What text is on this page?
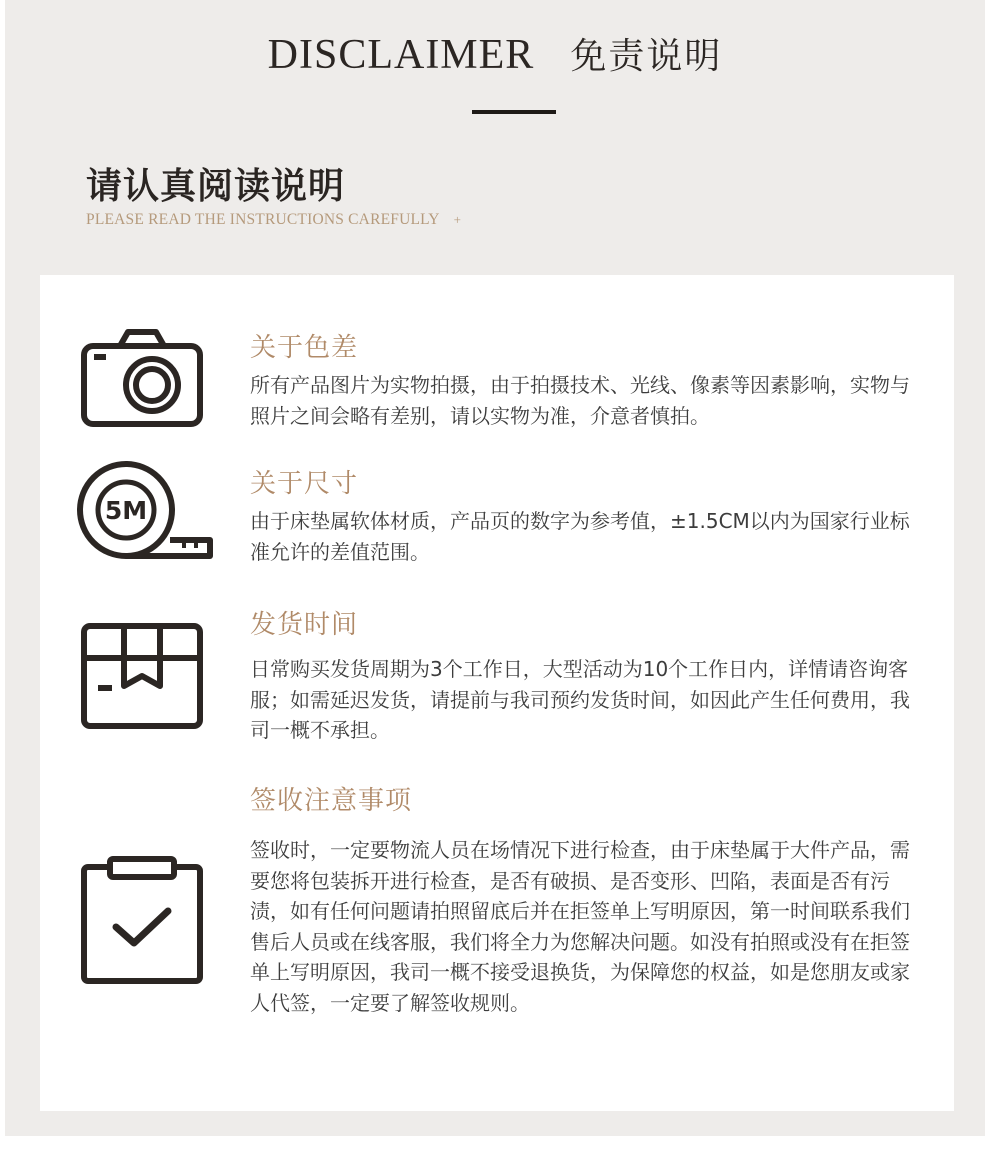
DISCLAIMER 免责说明
请认真阅读说明
PLEASE READ THE INSTRUCTIONS CAREFULLY +
关于色差
所有产品图片为实物拍摄，由于拍摄技术、光线、像素等因素影响，实物与照片之间会略有差别，请以实物为准，介意者慎拍。
5M
关于尺寸
由于床垫属软体材质，产品页的数字为参考值，±1.5CM以内为国家行业标准允许的差值范围。
发货时间
日常购买发货周期为3个工作日，大型活动为10个工作日内，详情请咨询客服；如需延迟发货，请提前与我司预约发货时间，如因此产生任何费用，我司一概不承担。
签收注意事项
签收时，一定要物流人员在场情况下进行检查，由于床垫属于大件产品，需要您将包装拆开进行检查，是否有破损、是否变形、凹陷，表面是否有污渍，如有任何问题请拍照留底后并在拒签单上写明原因，第一时间联系我们售后人员或在线客服，我们将全力为您解决问题。如没有拍照或没有在拒签单上写明原因，我司一概不接受退换货，为保障您的权益，如是您朋友或家人代签，一定要了解签收规则。
